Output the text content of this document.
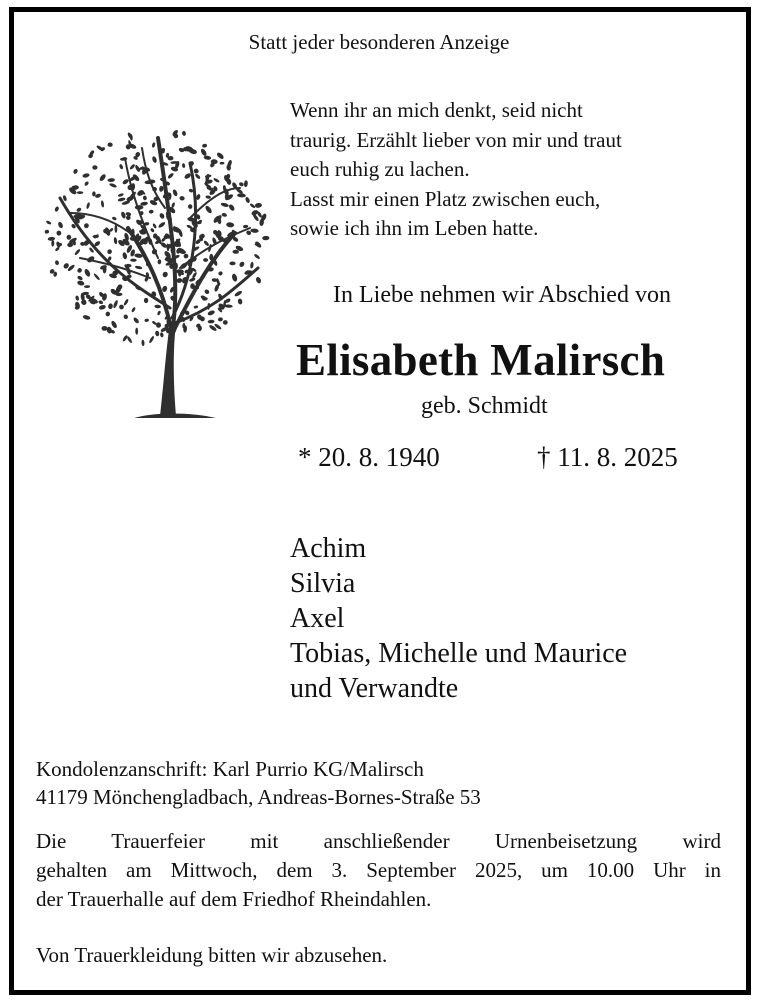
Statt jeder besonderen Anzeige
Wenn ihr an mich denkt, seid nicht
traurig. Erzählt lieber von mir und traut
euch ruhig zu lachen.
Lasst mir einen Platz zwischen euch,
sowie ich ihn im Leben hatte.
In Liebe nehmen wir Abschied von
Elisabeth Malirsch
geb. Schmidt
* 20. 8. 1940	† 11. 8. 2025
Achim
Silvia
Axel
Tobias, Michelle und Maurice
und Verwandte
Kondolenzanschrift: Karl Purrio KG/Malirsch
41179 Mönchengladbach, Andreas-Bornes-Straße 53
Die Trauerfeier mit anschließender Urnenbeisetzung wird
gehalten am Mittwoch, dem 3. September 2025, um 10.00 Uhr in
der Trauerhalle auf dem Friedhof Rheindahlen.
Von Trauerkleidung bitten wir abzusehen.
